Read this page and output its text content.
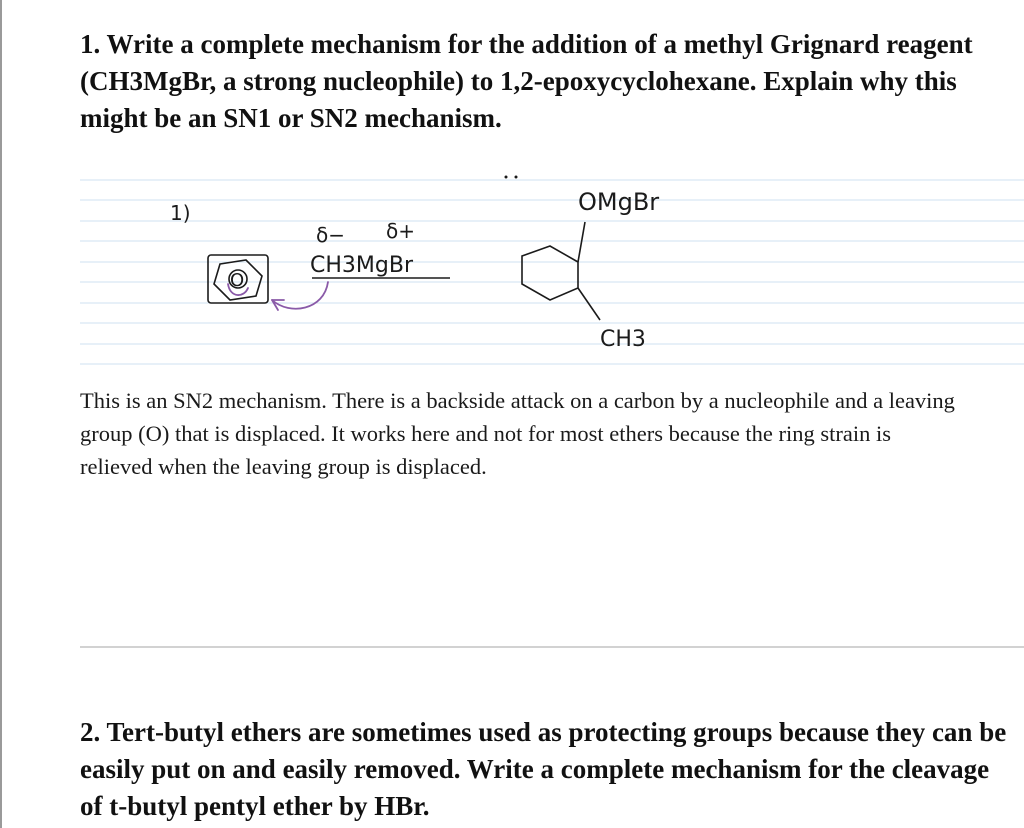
1. Write a complete mechanism for the addition of a methyl Grignard reagent (CH3MgBr, a strong nucleophile) to 1,2-epoxycyclohexane. Explain why this might be an SN1 or SN2 mechanism.

1)
O
δ− δ+
CH3MgBr
OMgBr
CH3

This is an SN2 mechanism. There is a backside attack on a carbon by a nucleophile and a leaving
group (O) that is displaced. It works here and not for most ethers because the ring strain is
relieved when the leaving group is displaced.

2. Tert-butyl ethers are sometimes used as protecting groups because they can be
easily put on and easily removed. Write a complete mechanism for the cleavage
of t-butyl pentyl ether by HBr.
